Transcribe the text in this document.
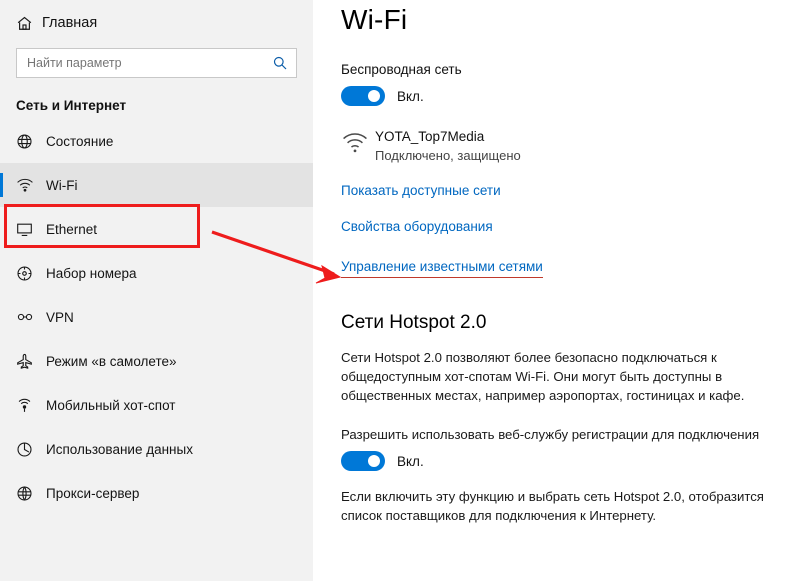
Главная
Найти параметр
Сеть и Интернет
Состояние
Wi-Fi
Ethernet
Набор номера
VPN
Режим «в самолете»
Мобильный хот-спот
Использование данных
Прокси-сервер
Wi-Fi
Беспроводная сеть
Вкл.
YOTA_Top7Media
Подключено, защищено
Показать доступные сети
Свойства оборудования
Управление известными сетями
Сети Hotspot 2.0
Сети Hotspot 2.0 позволяют более безопасно подключаться к общедоступным хот-спотам Wi-Fi. Они могут быть доступны в общественных местах, например аэропортах, гостиницах и кафе.
Разрешить использовать веб-службу регистрации для подключения
Вкл.
Если включить эту функцию и выбрать сеть Hotspot 2.0, отобразится список поставщиков для подключения к Интернету.
